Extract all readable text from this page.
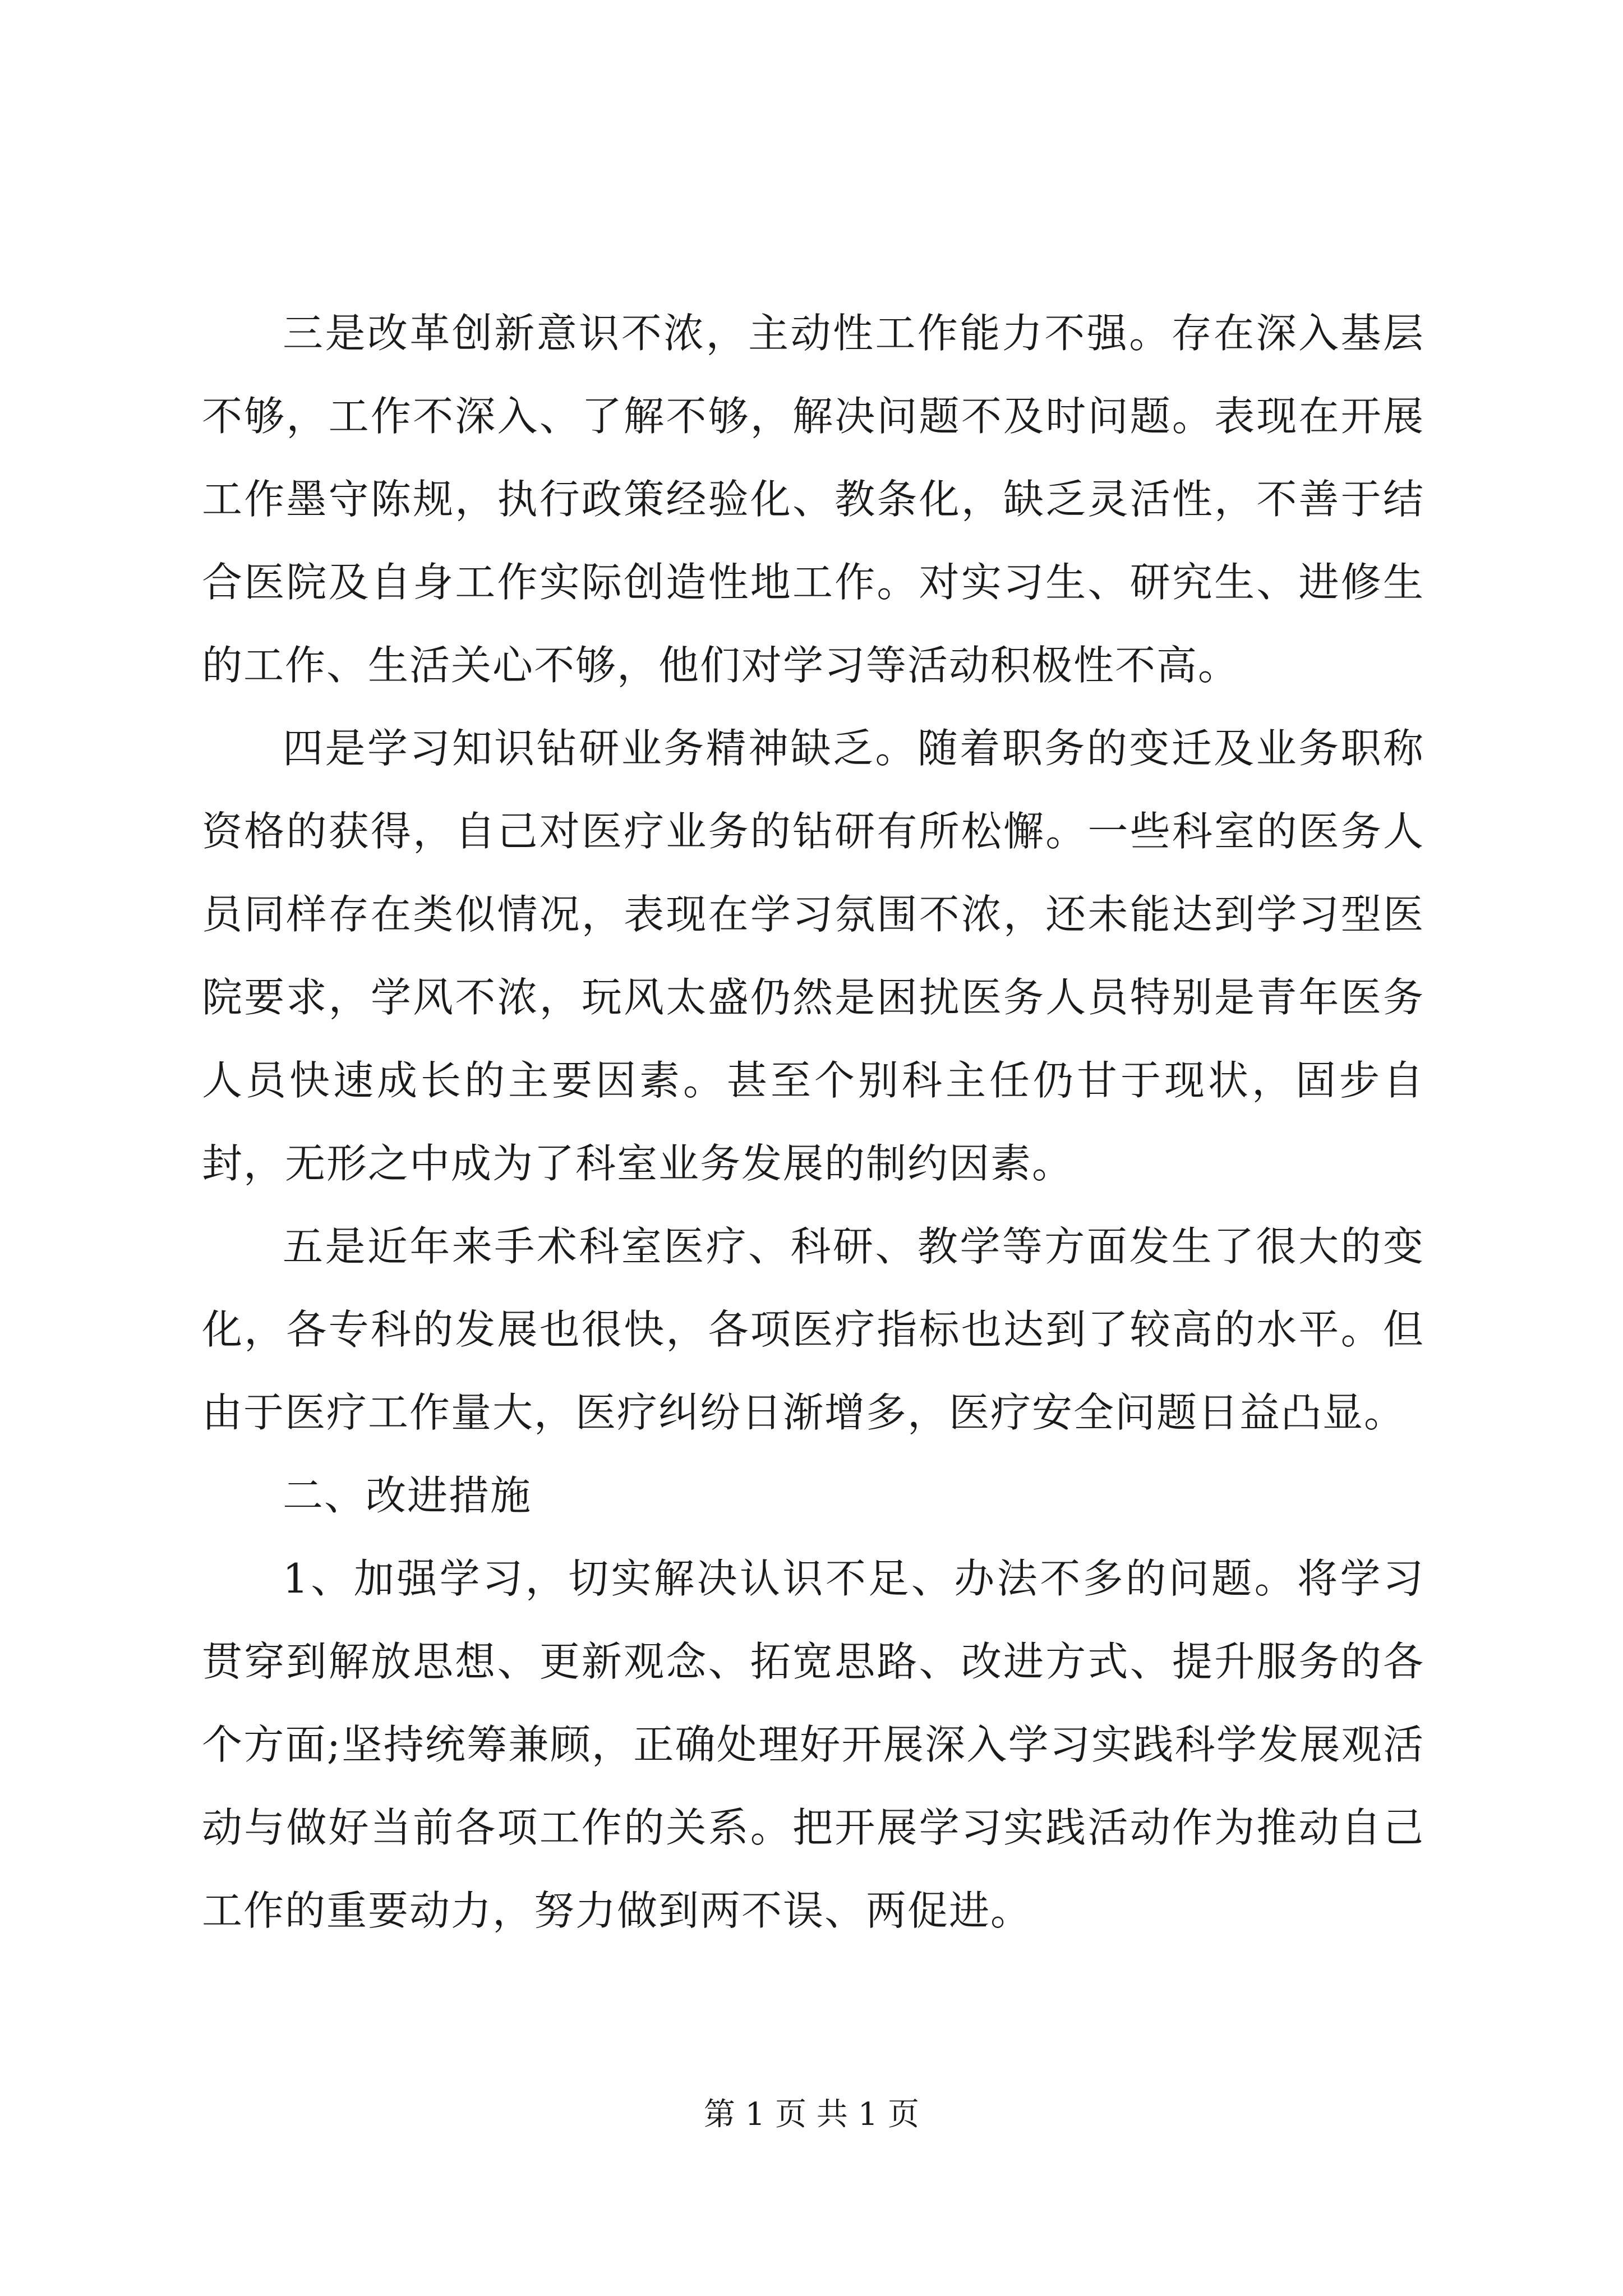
三是改革创新意识不浓，主动性工作能力不强。存在深入基层不够，工作不深入、了解不够，解决问题不及时问题。表现在开展工作墨守陈规，执行政策经验化、教条化，缺乏灵活性，不善于结合医院及自身工作实际创造性地工作。对实习生、研究生、进修生的工作、生活关心不够，他们对学习等活动积极性不高。

四是学习知识钻研业务精神缺乏。随着职务的变迁及业务职称资格的获得，自己对医疗业务的钻研有所松懈。一些科室的医务人员同样存在类似情况，表现在学习氛围不浓，还未能达到学习型医院要求，学风不浓，玩风太盛仍然是困扰医务人员特别是青年医务人员快速成长的主要因素。甚至个别科主任仍甘于现状，固步自封，无形之中成为了科室业务发展的制约因素。

五是近年来手术科室医疗、科研、教学等方面发生了很大的变化，各专科的发展也很快，各项医疗指标也达到了较高的水平。但由于医疗工作量大，医疗纠纷日渐增多，医疗安全问题日益凸显。

二、改进措施

1、加强学习，切实解决认识不足、办法不多的问题。将学习贯穿到解放思想、更新观念、拓宽思路、改进方式、提升服务的各个方面;坚持统筹兼顾，正确处理好开展深入学习实践科学发展观活动与做好当前各项工作的关系。把开展学习实践活动作为推动自己工作的重要动力，努力做到两不误、两促进。

第 1 页 共 1 页
